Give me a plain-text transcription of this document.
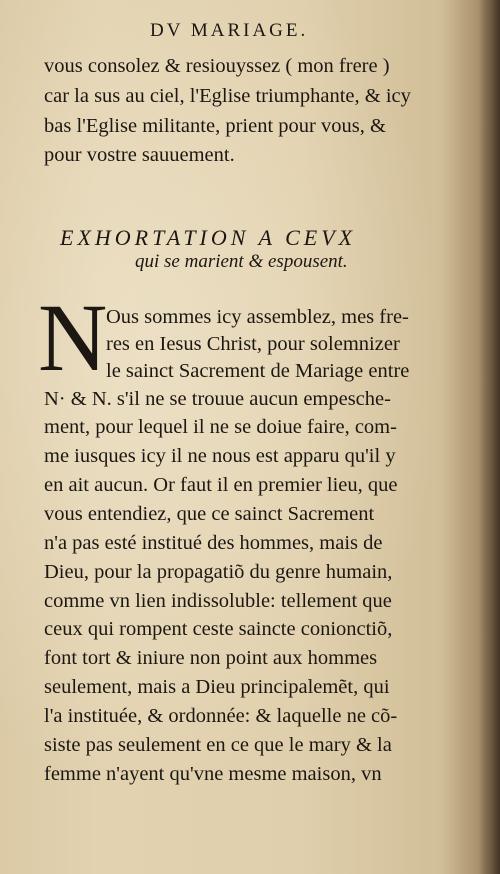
DV MARIAGE.
vous consolez & resiouyssez ( mon frere )
car la sus au ciel, l'Eglise triumphante, & icy
bas l'Eglise militante, prient pour vous, &
pour vostre sauuement.
EXHORTATION A CEVX
qui se marient & espousent.
N
Ous sommes icy assemblez, mes fre-
res en Iesus Christ, pour solemnizer
le sainct Sacrement de Mariage entre
N· & N. s'il ne se trouue aucun empesche-
ment, pour lequel il ne se doiue faire, com-
me iusques icy il ne nous est apparu qu'il y
en ait aucun. Or faut il en premier lieu, que
vous entendiez, que ce sainct Sacrement
n'a pas esté institué des hommes, mais de
Dieu, pour la propagatiõ du genre humain,
comme vn lien indissoluble: tellement que
ceux qui rompent ceste saincte conionctiõ,
font tort & iniure non point aux hommes
seulement, mais a Dieu principalemẽt, qui
l'a instituée, & ordonnée: & laquelle ne cõ-
siste pas seulement en ce que le mary & la
femme n'ayent qu'vne mesme maison, vn
